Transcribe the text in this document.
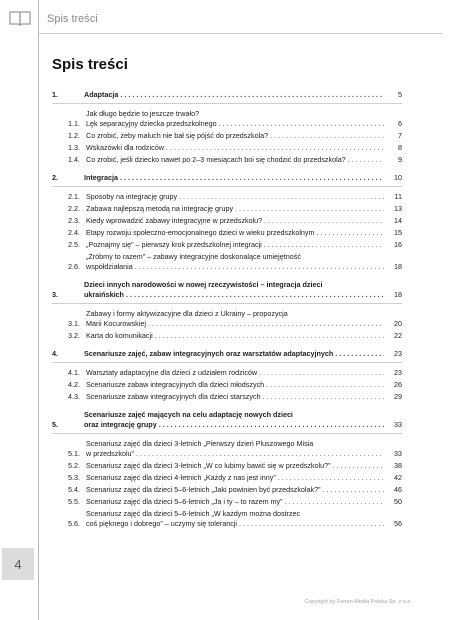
4
Spis treści
Spis treści
1.	Adaptacja . . .	5
1.1.
Jak długo będzie to jeszcze trwało?
Lęk separacyjny dziecka przedszkolnego . . .	6
1.2. Co zrobić, żeby maluch nie bał się pójść do przedszkola? . . .	7
1.3. Wskazówki dla rodziców . . .	8
1.4. Co zrobić, jeśli dziecko nawet po 2–3 miesiącach boi się chodzić do przedszkola? . . .	9
2.	Integracja . . .	10
2.1. Sposoby na integrację grupy . . .	11
2.2. Zabawa najlepszą metodą na integrację grupy . . .	13
2.3. Kiedy wprowadzić zabawy integracyjne w przedszkolu? . . .	14
2.4. Etapy rozwoju społeczno-emocjonalnego dzieci w wieku przedszkolnym . . .	15
2.5. „Poznajmy się” – pierwszy krok przedszkolnej integracji . . .	16
2.6.
„Zróbmy to razem” – zabawy integracyjne doskonalące umiejętność
współdziałania . . .	18
3.
Dzieci innych narodowości w nowej rzeczywistości – integracja dzieci
ukraińskich . . .	18
3.1.
Zabawy i formy aktywizacyjne dla dzieci z Ukrainy – propozycja
Marii Kocurowskiej . . .	20
3.2. Karta do komunikacji . . .	22
4.	Scenariusze zajęć, zabaw integracyjnych oraz warsztatów adaptacyjnych . . .	23
4.1. Warsztaty adaptacyjne dla dzieci z udziałem rodziców . . .	23
4.2. Scenariusze zabaw integracyjnych dla dzieci młodszych . . .	26
4.3. Scenariusze zabaw integracyjnych dla dzieci starszych . . .	29
5.
Scenariusze zajęć mających na celu adaptację nowych dzieci
oraz integrację grupy . . .	33
5.1.
Scenariusz zajęć dla dzieci 3-letnich „Pierwszy dzień Pluszowego Misia
w przedszkolu” . . .	33
5.2. Scenariusz zajęć dla dzieci 3-letnich „W co lubimy bawić się w przedszkolu?” . . .	38
5.3. Scenariusz zajęć dla dzieci 4-letnich „Każdy z nas jest inny” . . .	42
5.4. Scenariusz zajęć dla dzieci 5–6-letnich „Jaki powinien być przedszkolak?” . . .	46
5.5. Scenariusz zajęć dla dzieci 5–6-letnich „Ja i ty – to razem my” . . .	50
5.6.
Scenariusz zajęć dla dzieci 5–6-letnich „W każdym można dostrzec
coś pięknego i dobrego” – uczymy się tolerancji . . .	56
Copyright by Forum Media Polska Sp. z o.o.
